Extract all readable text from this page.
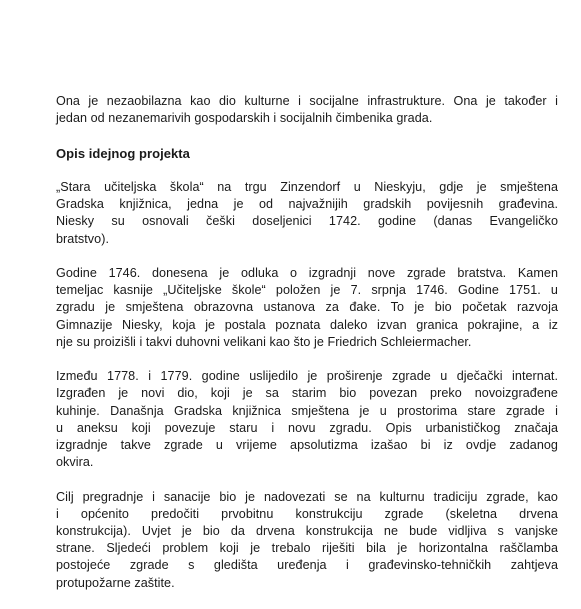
Ona je nezaobilazna kao dio kulturne i socijalne infrastrukture. Ona je također i
jedan od nezanemarivih gospodarskih i socijalnih čimbenika grada.
Opis idejnog projekta
„Stara učiteljska škola“ na trgu Zinzendorf u Nieskyju, gdje je smještena
Gradska knjižnica, jedna je od najvažnijih gradskih povijesnih građevina.
Niesky su osnovali češki doseljenici 1742. godine (danas Evangeličko
bratstvo).
Godine 1746. donesena je odluka o izgradnji nove zgrade bratstva. Kamen
temeljac kasnije „Učiteljske škole“ položen je 7. srpnja 1746. Godine 1751. u
zgradu je smještena obrazovna ustanova za đake. To je bio početak razvoja
Gimnazije Niesky, koja je postala poznata daleko izvan granica pokrajine, a iz
nje su proizišli i takvi duhovni velikani kao što je Friedrich Schleiermacher.
Između 1778. i 1779. godine uslijedilo je proširenje zgrade u dječački internat.
Izgrađen je novi dio, koji je sa starim bio povezan preko novoizgrađene
kuhinje. Današnja Gradska knjižnica smještena je u prostorima stare zgrade i
u aneksu koji povezuje staru i novu zgradu. Opis urbanističkog značaja
izgradnje takve zgrade u vrijeme apsolutizma izašao bi iz ovdje zadanog
okvira.
Cilj pregradnje i sanacije bio je nadovezati se na kulturnu tradiciju zgrade, kao
i općenito predočiti prvobitnu konstrukciju zgrade (skeletna drvena
konstrukcija). Uvjet je bio da drvena konstrukcija ne bude vidljiva s vanjske
strane. Sljedeći problem koji je trebalo riješiti bila je horizontalna raščlamba
postojeće zgrade s gledišta uređenja i građevinsko-tehničkih zahtjeva
protupožarne zaštite.
